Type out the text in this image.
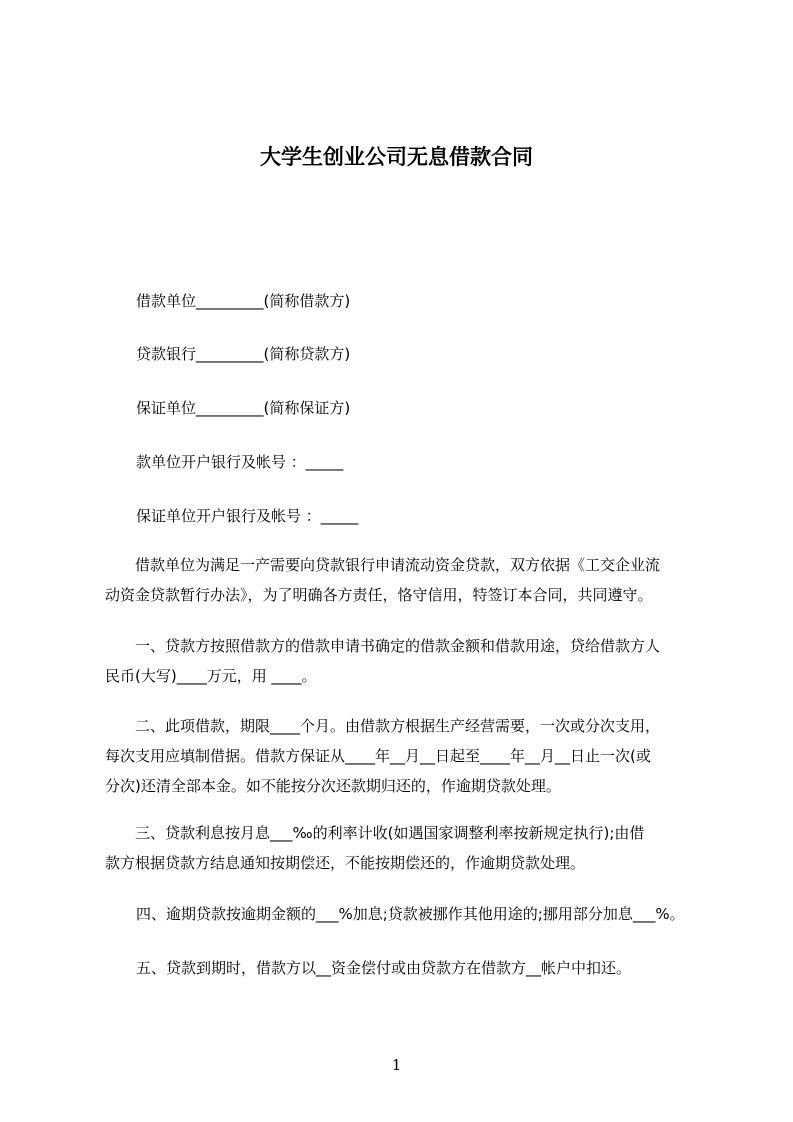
大学生创业公司无息借款合同
借款单位_________(简称借款方)
贷款银行_________(简称贷款方)
保证单位_________(简称保证方)
款单位开户银行及帐号 ：_____
保证单位开户银行及帐号 ：_____
　　借款单位为满足一产需要向贷款银行申请流动资金贷款，双方依据《工交企业流
动资金贷款暂行办法》，为了明确各方责任，恪守信用，特签订本合同，共同遵守。
　　一、贷款方按照借款方的借款申请书确定的借款金额和借款用途，贷给借款方人
民币(大写)____万元，用 ____。
　　二、此项借款，期限____个月。由借款方根据生产经营需要，一次或分次支用，
每次支用应填制借据。借款方保证从____年__月__日起至____年__月__日止一次(或
分次)还清全部本金。如不能按分次还款期归还的，作逾期贷款处理。
　　三、贷款利息按月息___‰的利率计收(如遇国家调整利率按新规定执行);由借
款方根据贷款方结息通知按期偿还，不能按期偿还的，作逾期贷款处理。
四、逾期贷款按逾期金额的___%加息;贷款被挪作其他用途的;挪用部分加息___%。
五、贷款到期时，借款方以__资金偿付或由贷款方在借款方__帐户中扣还。
1
